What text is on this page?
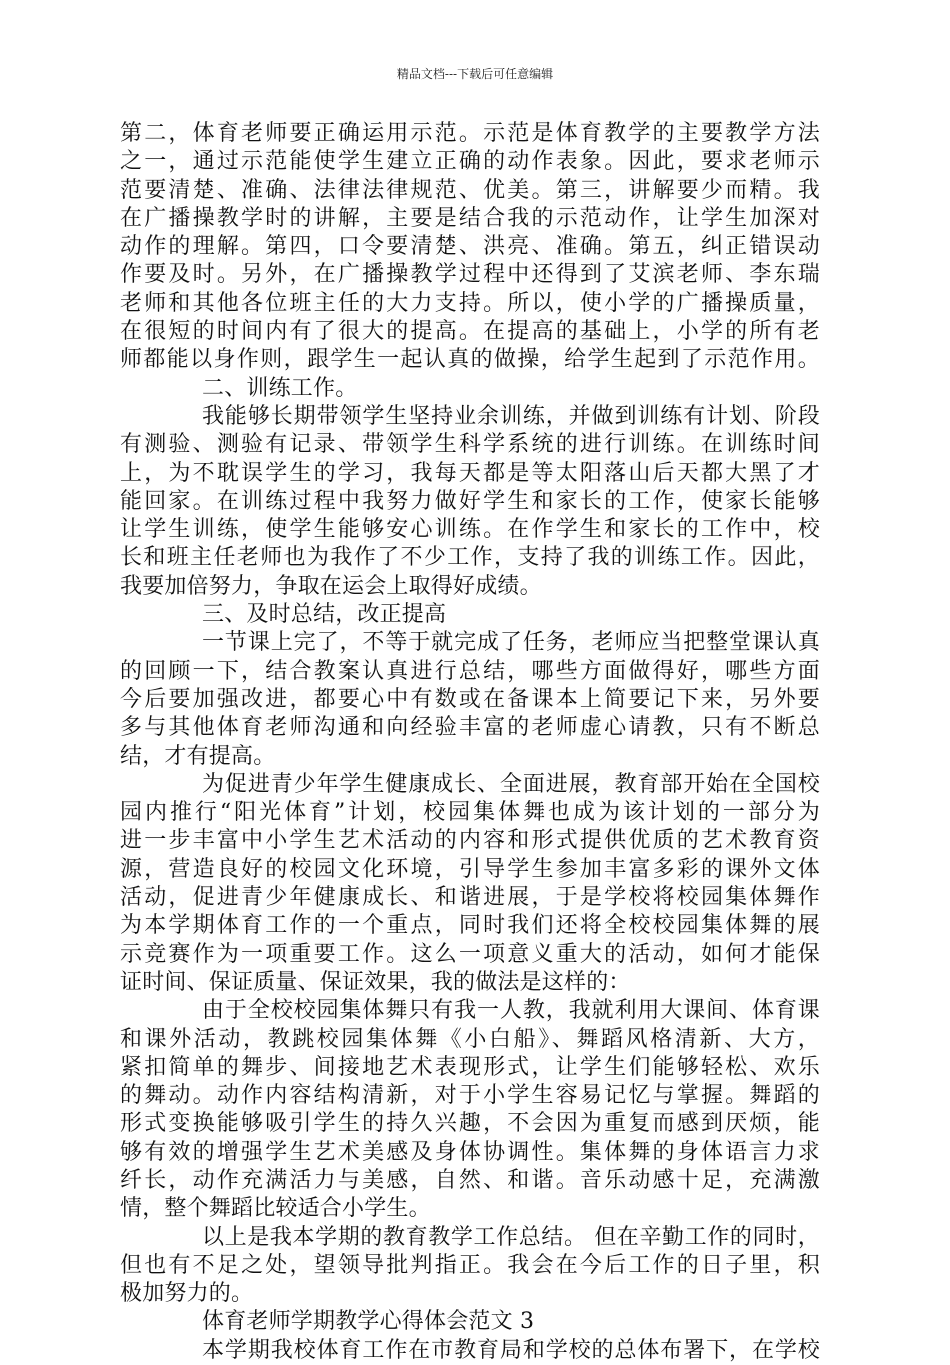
精品文档---下载后可任意编辑
第二，体育老师要正确运用示范。示范是体育教学的主要教学方法
之一，通过示范能使学生建立正确的动作表象。因此，要求老师示
范要清楚、准确、法律法律规范、优美。第三，讲解要少而精。我
在广播操教学时的讲解，主要是结合我的示范动作，让学生加深对
动作的理解。第四，口令要清楚、洪亮、准确。第五，纠正错误动
作要及时。另外，在广播操教学过程中还得到了艾滨老师、李东瑞
老师和其他各位班主任的大力支持。所以，使小学的广播操质量，
在很短的时间内有了很大的提高。在提高的基础上，小学的所有老
师都能以身作则，跟学生一起认真的做操，给学生起到了示范作用。
二、训练工作。
我能够长期带领学生坚持业余训练，并做到训练有计划、阶段
有测验、测验有记录、带领学生科学系统的进行训练。在训练时间
上，为不耽误学生的学习，我每天都是等太阳落山后天都大黑了才
能回家。在训练过程中我努力做好学生和家长的工作，使家长能够
让学生训练，使学生能够安心训练。在作学生和家长的工作中，校
长和班主任老师也为我作了不少工作，支持了我的训练工作。因此，
我要加倍努力，争取在运会上取得好成绩。
三、及时总结，改正提高
一节课上完了，不等于就完成了任务，老师应当把整堂课认真
的回顾一下，结合教案认真进行总结，哪些方面做得好，哪些方面
今后要加强改进，都要心中有数或在备课本上简要记下来，另外要
多与其他体育老师沟通和向经验丰富的老师虚心请教，只有不断总
结，才有提高。
为促进青少年学生健康成长、全面进展，教育部开始在全国校
园内推行“阳光体育”计划，校园集体舞也成为该计划的一部分为
进一步丰富中小学生艺术活动的内容和形式提供优质的艺术教育资
源，营造良好的校园文化环境，引导学生参加丰富多彩的课外文体
活动，促进青少年健康成长、和谐进展，于是学校将校园集体舞作
为本学期体育工作的一个重点，同时我们还将全校校园集体舞的展
示竞赛作为一项重要工作。这么一项意义重大的活动，如何才能保
证时间、保证质量、保证效果，我的做法是这样的：
由于全校校园集体舞只有我一人教，我就利用大课间、体育课
和课外活动，教跳校园集体舞《小白船》、舞蹈风格清新、大方，
紧扣简单的舞步、间接地艺术表现形式，让学生们能够轻松、欢乐
的舞动。动作内容结构清新，对于小学生容易记忆与掌握。舞蹈的
形式变换能够吸引学生的持久兴趣，不会因为重复而感到厌烦，能
够有效的增强学生艺术美感及身体协调性。集体舞的身体语言力求
纤长，动作充满活力与美感，自然、和谐。音乐动感十足，充满激
情，整个舞蹈比较适合小学生。
以上是我本学期的教育教学工作总结。 但在辛勤工作的同时，
但也有不足之处，望领导批判指正。我会在今后工作的日子里，积
极加努力的。
体育老师学期教学心得体会范文 3
本学期我校体育工作在市教育局和学校的总体布署下，在学校
